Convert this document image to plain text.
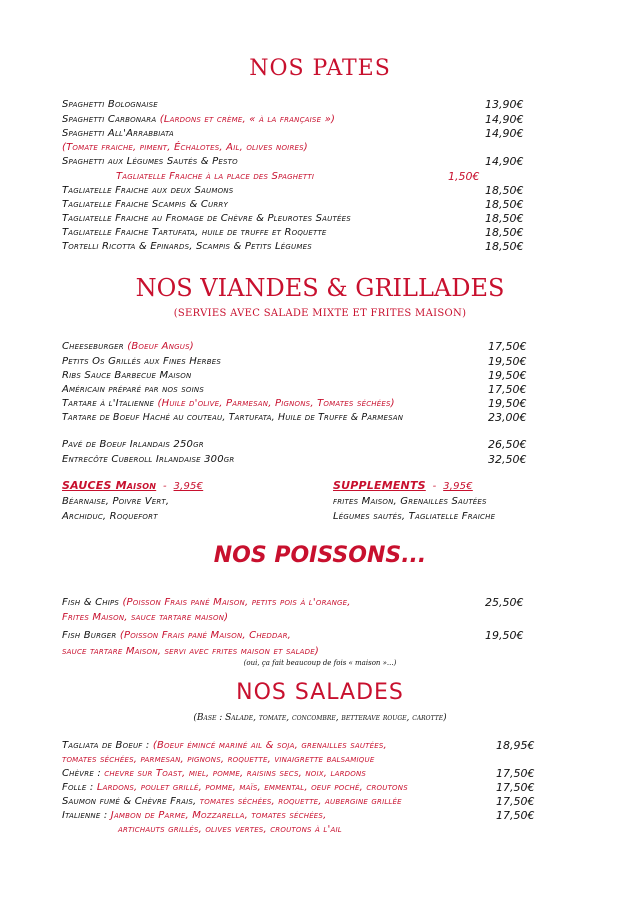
NOS PATES
Spaghetti Bolognaise	13,90€
Spaghetti Carbonara (Lardons et crème, « à la française »)	14,90€
Spaghetti All'Arrabbiata	14,90€
(Tomate fraiche, piment, Échalotes, Ail, olives noires)
Spaghetti aux Légumes Sautés & Pesto	14,90€
Tagliatelle Fraiche à la place des Spaghetti	1,50€
Tagliatelle Fraiche aux deux Saumons	18,50€
Tagliatelle Fraiche Scampis & Curry	18,50€
Tagliatelle Fraiche au Fromage de Chèvre & Pleurotes Sautées	18,50€
Tagliatelle Fraiche Tartufata, huile de truffe et Roquette	18,50€
Tortelli Ricotta & Epinards, Scampis & Petits Légumes	18,50€
NOS VIANDES & GRILLADES
(SERVIES AVEC SALADE MIXTE ET FRITES MAISON)
Cheeseburger (Boeuf Angus)	17,50€
Petits Os Grillés aux Fines Herbes	19,50€
Ribs Sauce Barbecue Maison	19,50€
Américain préparé par nos soins	17,50€
Tartare à l'Italienne (Huile d'olive, Parmesan, Pignons, Tomates séchées)	19,50€
Tartare de Boeuf Haché au couteau, Tartufata, Huile de Truffe & Parmesan	23,00€
Pavé de Boeuf Irlandais 250gr	26,50€
Entrecôte Cuberoll Irlandaise 300gr	32,50€
SAUCES Maison  -  3,95€
Béarnaise, Poivre Vert,
Archiduc, Roquefort
SUPPLEMENTS  -  3,95€
frites Maison, Grenailles Sautées
Légumes sautés, Tagliatelle Fraiche
NOS POISSONS...
Fish & Chips (Poisson Frais pané Maison, petits pois à l'orange,
Frites Maison, sauce tartare maison)
25,50€
Fish Burger (Poisson Frais pané Maison, Cheddar,
sauce tartare Maison, servi avec frites maison et salade)
19,50€
(oui, ça fait beaucoup de fois « maison »...)
NOS SALADES
(Base : Salade, tomate, concombre, betterave rouge, carotte)
Tagliata de Boeuf : (Boeuf émincé mariné ail & soja, grenailles sautées,
tomates séchées, parmesan, pignons, roquette, vinaigrette balsamique
18,95€
Chèvre : chevre sur Toast, miel, pomme, raisins secs, noix, lardons	17,50€
Folle : Lardons, poulet grillé, pomme, maïs, emmental, oeuf poché, croutons	17,50€
Saumon fumé & Chèvre Frais, tomates séchées, roquette, aubergine grillée	17,50€
Italienne : Jambon de Parme, Mozzarella, tomates séchées,
artichauts grillés, olives vertes, croutons à l'ail
17,50€
